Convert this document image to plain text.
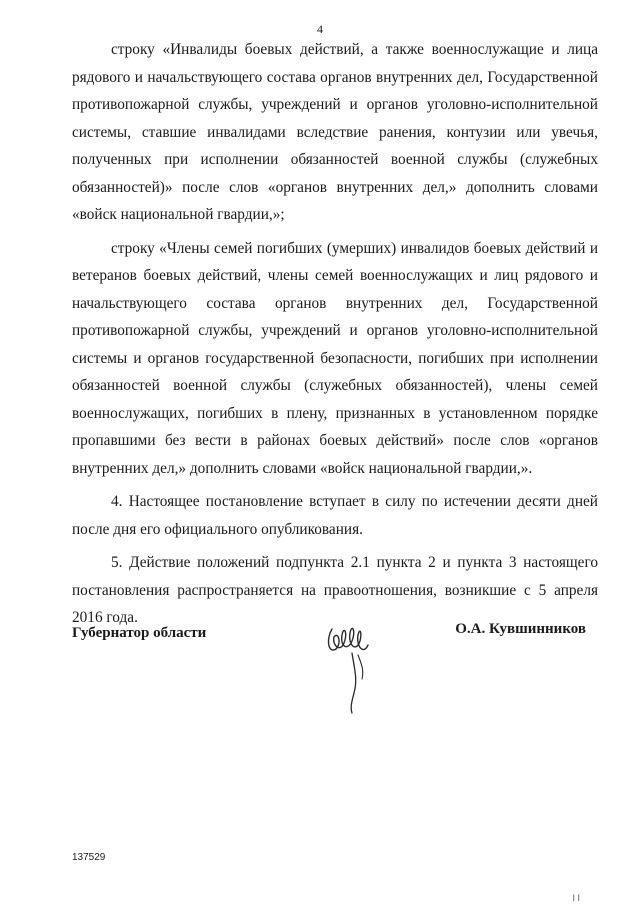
4

строку «Инвалиды боевых действий, а также военнослужащие и лица рядового и начальствующего состава органов внутренних дел, Государственной противопожарной службы, учреждений и органов уголовно-исполнительной системы, ставшие инвалидами вследствие ранения, контузии или увечья, полученных при исполнении обязанностей военной службы (служебных обязанностей)» после слов «органов внутренних дел,» дополнить словами «войск национальной гвардии,»;

строку «Члены семей погибших (умерших) инвалидов боевых действий и ветеранов боевых действий, члены семей военнослужащих и лиц рядового и начальствующего состава органов внутренних дел, Государственной противопожарной службы, учреждений и органов уголовно-исполнительной системы и органов государственной безопасности, погибших при исполнении обязанностей военной службы (служебных обязанностей), члены семей военнослужащих, погибших в плену, признанных в установленном порядке пропавшими без вести в районах боевых действий» после слов «органов внутренних дел,» дополнить словами «войск национальной гвардии,».

4. Настоящее постановление вступает в силу по истечении десяти дней после дня его официального опубликования.

5. Действие положений подпункта 2.1 пункта 2 и пункта 3 настоящего постановления распространяется на правоотношения, возникшие с 5 апреля 2016 года.

Губернатор области	О.А. Кувшинников
137529
I I
